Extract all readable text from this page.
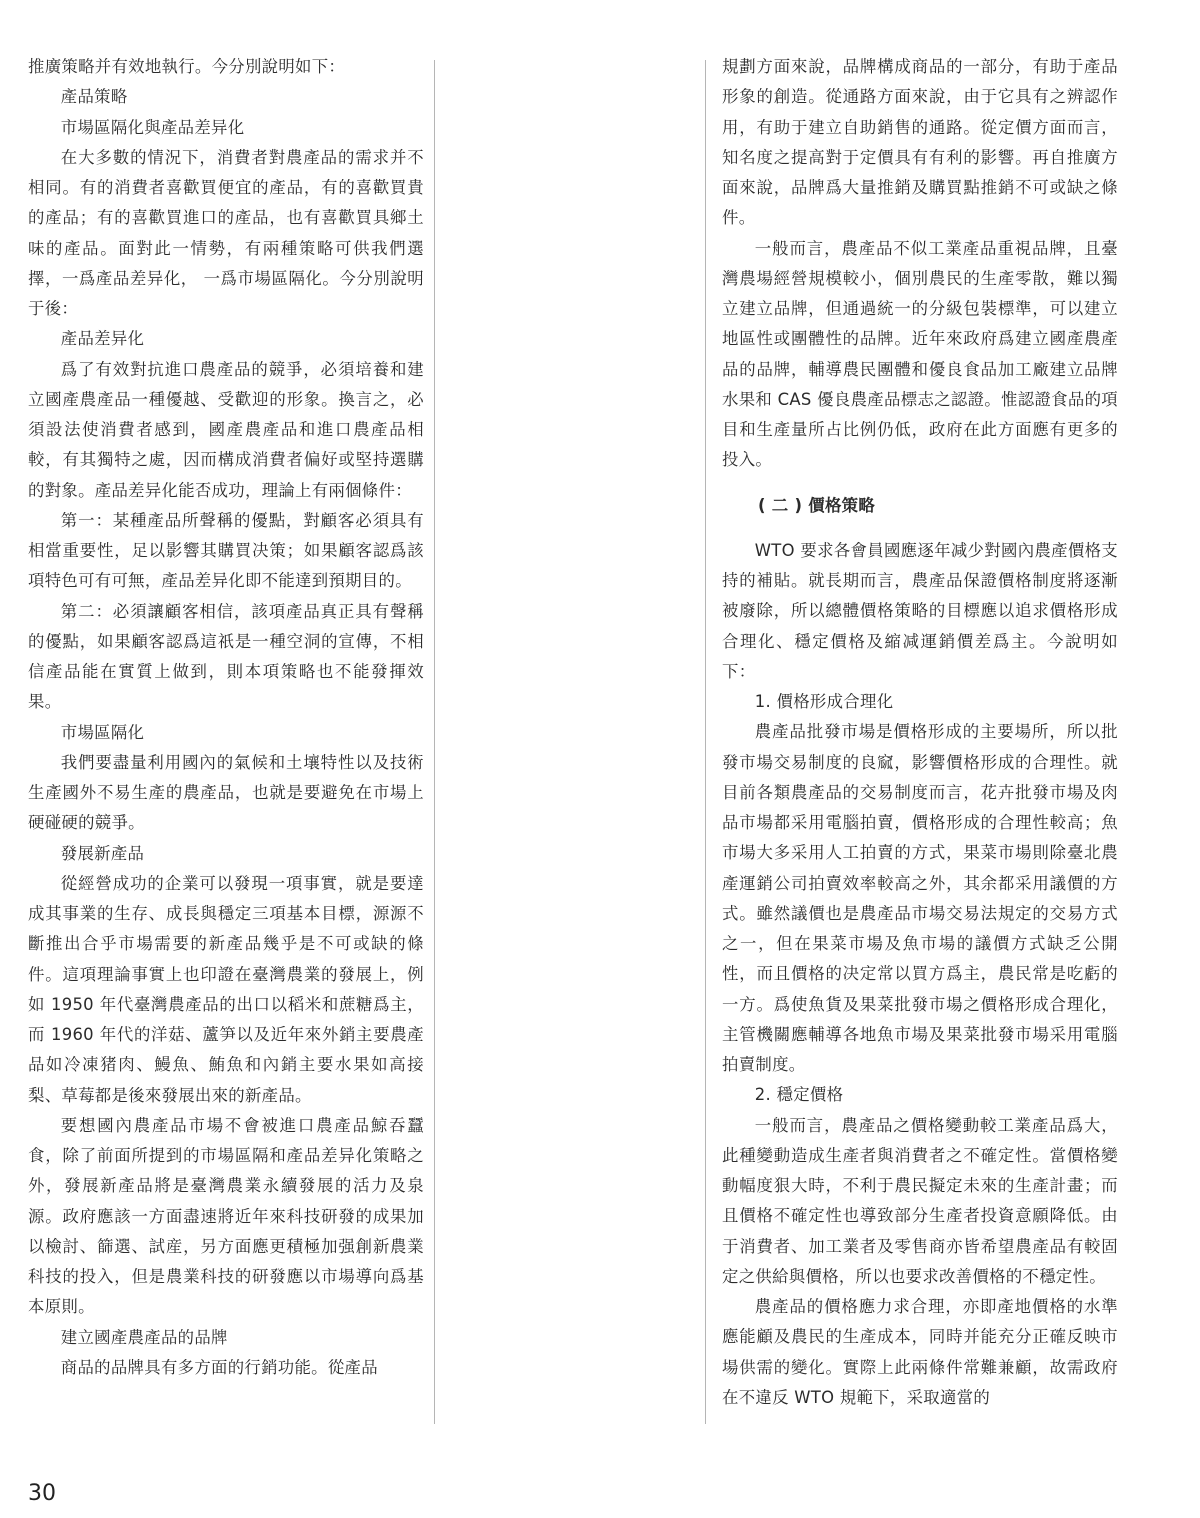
推廣策略并有效地執行。今分別說明如下：

產品策略

市場區隔化與產品差异化

在大多數的情況下，消費者對農產品的需求并不相同。有的消費者喜歡買便宜的產品，有的喜歡買貴的產品；有的喜歡買進口的產品，也有喜歡買具鄉土味的產品。面對此一情勢，有兩種策略可供我們選擇，一爲產品差异化， 一爲市場區隔化。今分別說明于後：

產品差异化

爲了有效對抗進口農產品的競爭，必須培養和建立國產農產品一種優越、受歡迎的形象。換言之，必須設法使消費者感到，國產農產品和進口農產品相較，有其獨特之處，因而構成消費者偏好或堅持選購的對象。產品差异化能否成功，理論上有兩個條件：

第一：某種產品所聲稱的優點，對顧客必須具有相當重要性，足以影響其購買决策；如果顧客認爲該項特色可有可無，產品差异化即不能達到預期目的。

第二：必須讓顧客相信，該項產品真正具有聲稱的優點，如果顧客認爲這祇是一種空洞的宣傳，不相信產品能在實質上做到，則本項策略也不能發揮效果。

市場區隔化

我們要盡量利用國內的氣候和土壤特性以及技術生產國外不易生產的農產品，也就是要避免在市場上硬碰硬的競爭。

發展新產品

從經營成功的企業可以發現一項事實，就是要達成其事業的生存、成長與穩定三項基本目標，源源不斷推出合乎市場需要的新產品幾乎是不可或缺的條件。這項理論事實上也印證在臺灣農業的發展上，例如 1950 年代臺灣農產品的出口以稻米和蔗糖爲主，而 1960 年代的洋菇、蘆笋以及近年來外銷主要農產品如冷凍猪肉、鰻魚、鮪魚和內銷主要水果如高接梨、草莓都是後來發展出來的新產品。

要想國內農產品市場不會被進口農產品鯨吞蠶食，除了前面所提到的市場區隔和產品差异化策略之外，發展新產品將是臺灣農業永續發展的活力及泉源。政府應該一方面盡速將近年來科技研發的成果加以檢討、篩選、試産，另方面應更積極加强創新農業科技的投入，但是農業科技的研發應以市場導向爲基本原則。

建立國產農產品的品牌

商品的品牌具有多方面的行銷功能。從產品

規劃方面來說，品牌構成商品的一部分，有助于產品形象的創造。從通路方面來說，由于它具有之辨認作用，有助于建立自助銷售的通路。從定價方面而言，知名度之提高對于定價具有有利的影響。再自推廣方面來說，品牌爲大量推銷及購買點推銷不可或缺之條件。

一般而言，農產品不似工業產品重視品牌，且臺灣農場經營規模較小，個別農民的生產零散，難以獨立建立品牌，但通過統一的分級包裝標準，可以建立地區性或團體性的品牌。近年來政府爲建立國產農產品的品牌，輔導農民團體和優良食品加工廠建立品牌水果和 CAS 優良農產品標志之認證。惟認證食品的項目和生產量所占比例仍低，政府在此方面應有更多的投入。

( 二 ) 價格策略

WTO 要求各會員國應逐年减少對國內農產價格支持的補貼。就長期而言，農產品保證價格制度將逐漸被廢除，所以總體價格策略的目標應以追求價格形成合理化、穩定價格及縮减運銷價差爲主。今說明如下：

1. 價格形成合理化

農產品批發市場是價格形成的主要場所，所以批發市場交易制度的良窳，影響價格形成的合理性。就目前各類農產品的交易制度而言，花卉批發市場及肉品市場都采用電腦拍賣，價格形成的合理性較高；魚市場大多采用人工拍賣的方式，果菜市場則除臺北農產運銷公司拍賣效率較高之外，其余都采用議價的方式。雖然議價也是農產品市場交易法規定的交易方式之一，但在果菜市場及魚市場的議價方式缺乏公開性，而且價格的决定常以買方爲主，農民常是吃虧的一方。爲使魚貨及果菜批發市場之價格形成合理化，主管機關應輔導各地魚市場及果菜批發市場采用電腦拍賣制度。

2. 穩定價格

一般而言，農產品之價格變動較工業產品爲大，此種變動造成生產者與消費者之不確定性。當價格變動幅度狠大時，不利于農民擬定未來的生產計畫；而且價格不確定性也導致部分生產者投資意願降低。由于消費者、加工業者及零售商亦皆希望農產品有較固定之供給與價格，所以也要求改善價格的不穩定性。

農產品的價格應力求合理，亦即產地價格的水準應能顧及農民的生產成本，同時并能充分正確反映市場供需的變化。實際上此兩條件常難兼顧，故需政府在不違反 WTO 規範下，采取適當的

30
